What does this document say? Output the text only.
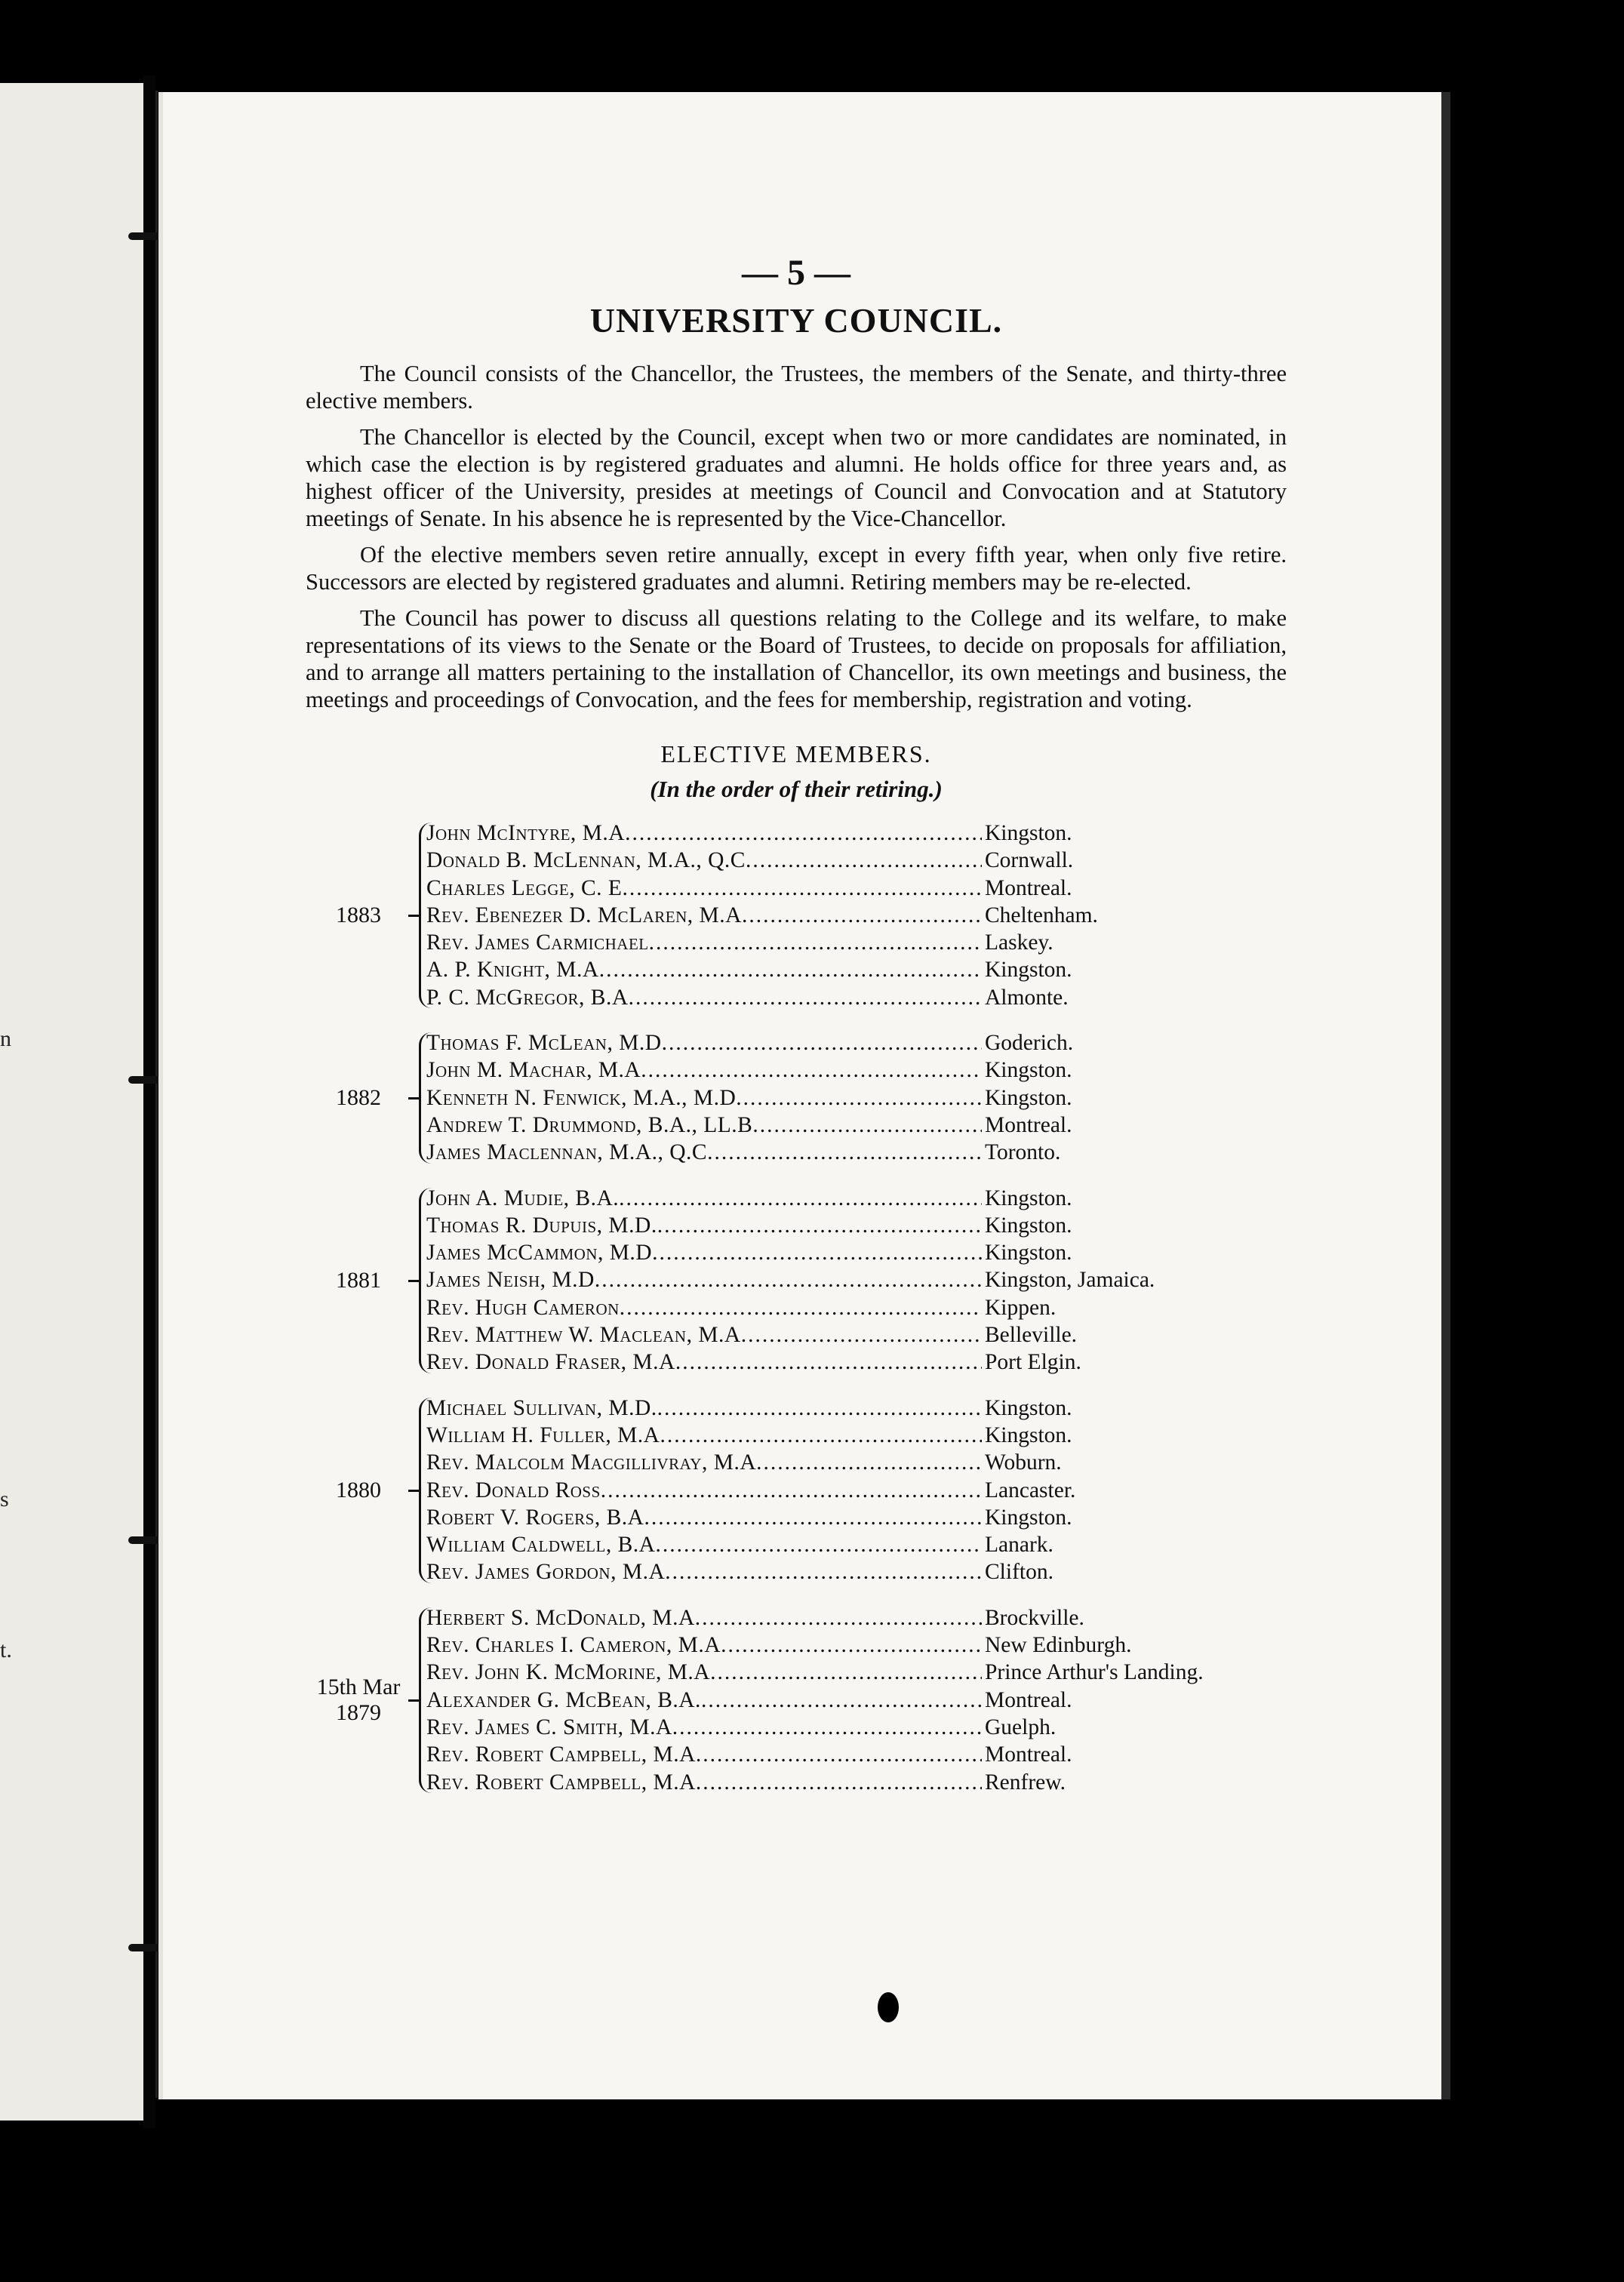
n
s
t.

— 5 —

UNIVERSITY COUNCIL.

The Council consists of the Chancellor, the Trustees, the members of the Senate, and thirty-three elective members.

The Chancellor is elected by the Council, except when two or more candidates are nominated, in which case the election is by registered graduates and alumni. He holds office for three years and, as highest officer of the University, presides at meetings of Council and Convocation and at Statutory meetings of Senate. In his absence he is represented by the Vice-Chancellor.

Of the elective members seven retire annually, except in every fifth year, when only five retire. Successors are elected by registered graduates and alumni. Retiring members may be re-elected.

The Council has power to discuss all questions relating to the College and its welfare, to make representations of its views to the Senate or the Board of Trustees, to decide on proposals for affiliation, and to arrange all matters pertaining to the installation of Chancellor, its own meetings and business, the meetings and proceedings of Convocation, and the fees for membership, registration and voting.

ELECTIVE MEMBERS.
(In the order of their retiring.)
1883
John McIntyre, M.A .....	Kingston.
Donald B. McLennan, M.A., Q.C .....	Cornwall.
Charles Legge, C. E .....	Montreal.
Rev. Ebenezer D. McLaren, M.A .....	Cheltenham.
Rev. James Carmichael .....	Laskey.
A. P. Knight, M.A .....	Kingston.
P. C. McGregor, B.A .....	Almonte.
1882
Thomas F. McLean, M.D .....	Goderich.
John M. Machar, M.A .....	Kingston.
Kenneth N. Fenwick, M.A., M.D .....	Kingston.
Andrew T. Drummond, B.A., LL.B .....	Montreal.
James Maclennan, M.A., Q.C .....	Toronto.
1881
John A. Mudie, B.A. .....	Kingston.
Thomas R. Dupuis, M.D. .....	Kingston.
James McCammon, M.D .....	Kingston.
James Neish, M.D .....	Kingston, Jamaica.
Rev. Hugh Cameron .....	Kippen.
Rev. Matthew W. Maclean, M.A .....	Belleville.
Rev. Donald Fraser, M.A .....	Port Elgin.
1880
Michael Sullivan, M.D. .....	Kingston.
William H. Fuller, M.A .....	Kingston.
Rev. Malcolm Macgillivray, M.A .....	Woburn.
Rev. Donald Ross .....	Lancaster.
Robert V. Rogers, B.A .....	Kingston.
William Caldwell, B.A .....	Lanark.
Rev. James Gordon, M.A .....	Clifton.
15th Mar 1879
Herbert S. McDonald, M.A .....	Brockville.
Rev. Charles I. Cameron, M.A .....	New Edinburgh.
Rev. John K. McMorine, M.A .....	Prince Arthur's Landing.
Alexander G. McBean, B.A. .....	Montreal.
Rev. James C. Smith, M.A .....	Guelph.
Rev. Robert Campbell, M.A .....	Montreal.
Rev. Robert Campbell, M.A .....	Renfrew.
